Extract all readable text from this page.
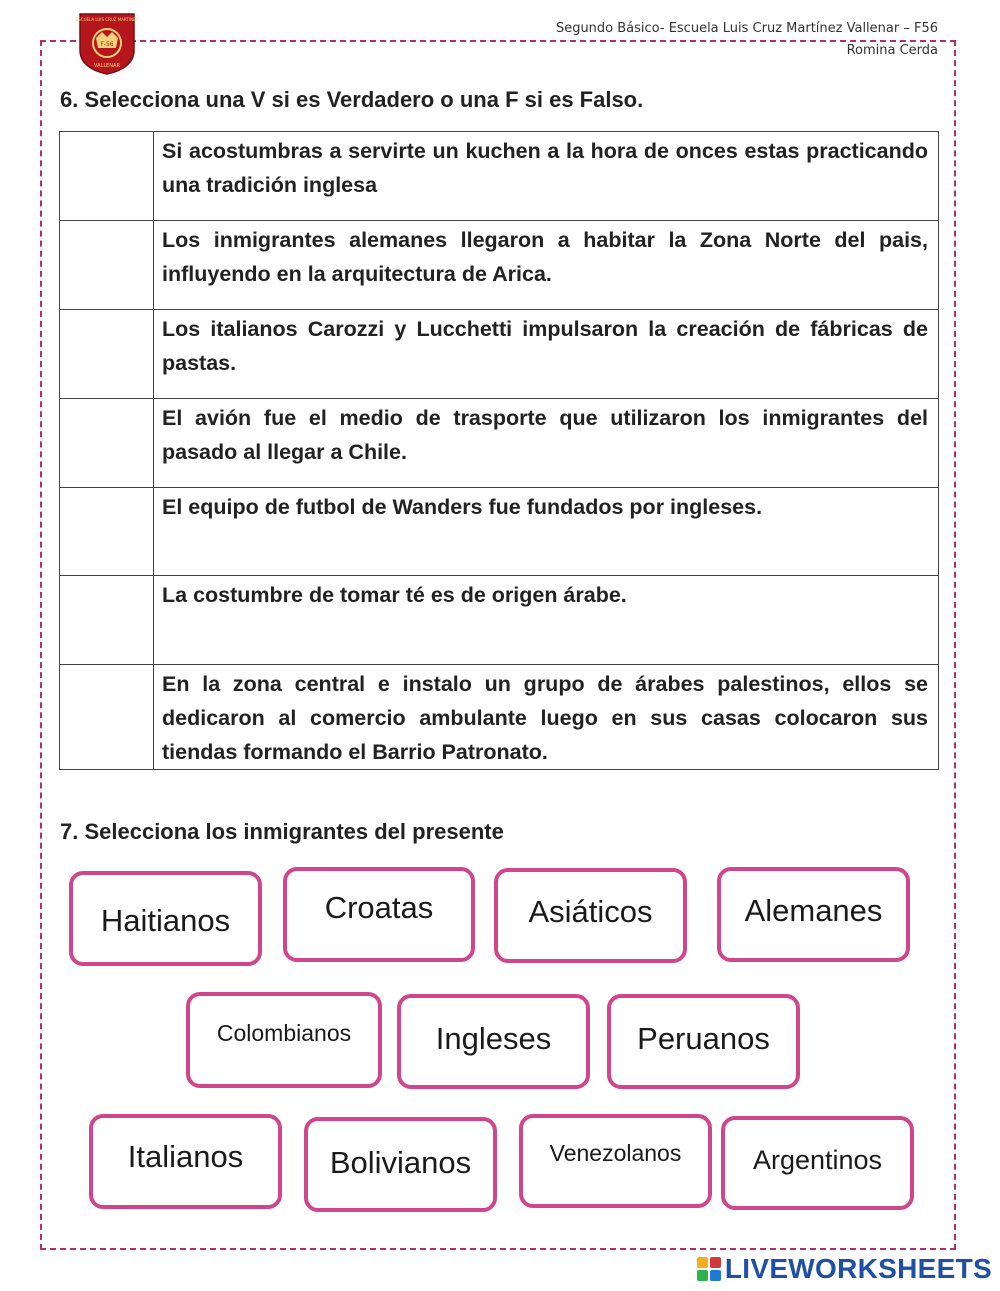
ESCUELA LUIS CRUZ MARTINEZ
F-56
VALLENAR
Segundo Básico- Escuela Luis Cruz Martínez Vallenar – F56
Romina Cerda
6. Selecciona una V si es Verdadero o una F si es Falso.
	Si acostumbras a servirte un kuchen a la hora de onces estas practicando una tradición inglesa
	Los inmigrantes alemanes llegaron a habitar la Zona Norte del pais, influyendo en la arquitectura de Arica.
	Los italianos Carozzi y Lucchetti impulsaron la creación de fábricas de pastas.
	El avión fue el medio de trasporte que utilizaron los inmigrantes del pasado al llegar a Chile.
	El equipo de futbol de Wanders fue fundados por ingleses.
	La costumbre de tomar té es de origen árabe.
	En la zona central e instalo un grupo de árabes palestinos, ellos se dedicaron al comercio ambulante luego en sus casas colocaron sus tiendas formando el Barrio Patronato.
7. Selecciona los inmigrantes del presente
Haitianos	Croatas	Asiáticos	Alemanes
Colombianos	Ingleses	Peruanos
Italianos	Bolivianos	Venezolanos	Argentinos
LIVEWORKSHEETS
